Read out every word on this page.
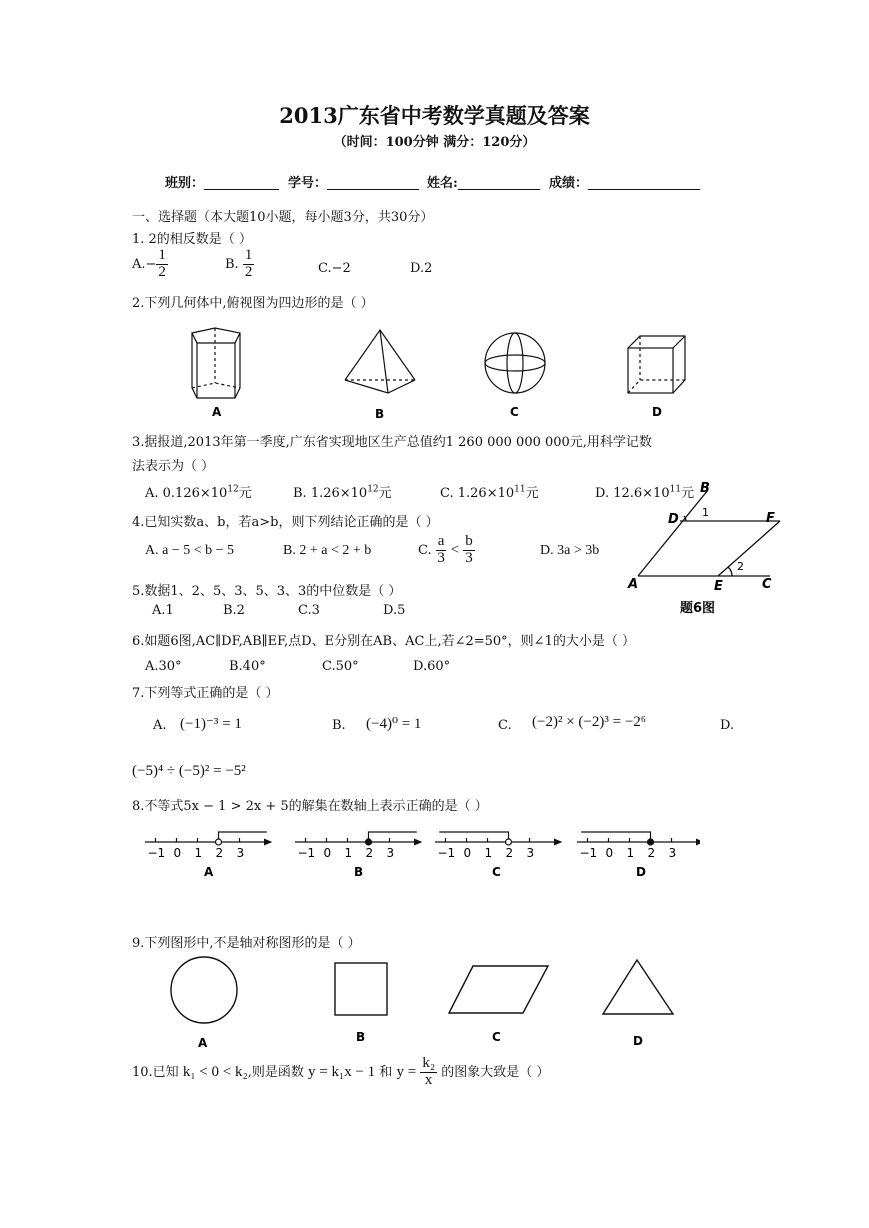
2013广东省中考数学真题及答案
（时间：100分钟 满分：120分）
班别：	学号：	姓名:	成绩：
一、选择题（本大题10小题，每小题3分，共30分）
1. 2的相反数是（ ）
$A.- \frac{1}{2}$	B. $\frac{1}{2}$	C.−2	D.2
2.下列几何体中,俯视图为四边形的是（ ）
A	B	C	D
3.据报道,2013年第一季度,广东省实现地区生产总值约1 260 000 000 000元,用科学记数
法表示为（ ）
A. $0.126\times 10^{12}$元	B. $1.26\times 10^{12}$元	C. $1.26\times 10^{11}$元	D. $12.6\times 10^{11}$元
4.已知实数a、b，若a>b，则下列结论正确的是（ ）
A. a − 5 < b − 5	B. 2 + a < 2 + b	C. $\frac{a}{3} < \frac{b}{3}$	D. 3a > 3b
B
D	F
A	E	C
1
2
题6图
5.数据1、2、5、3、5、3、3的中位数是（ ）
A.1	B.2	C.3	D.5
6.如题6图,AC∥DF,AB∥EF,点D、E分别在AB、AC上,若∠2=50°，则∠1的大小是（ ）
A.30°	B.40°	C.50°	D.60°
7.下列等式正确的是（ ）
A. (−1)⁻³ = 1	B. (−4)⁰ = 1	C. (−2)² × (−2)³ = −2⁶	D.
(−5)⁴ ÷ (−5)² = −5²
8.不等式5x − 1 > 2x + 5的解集在数轴上表示正确的是（ ）
−1 0 1 2 3
A
−1 0 1 2 3
B
−1 0 1 2 3
C
−1 0 1 2 3
D
9.下列图形中,不是轴对称图形的是（ ）
A	B	C	D
10.已知 k₁ < 0 < k₂,则是函数 y = k₁x − 1 和 $y = \frac{\text{k₂}}{x}$ 的图象大致是（ ）
